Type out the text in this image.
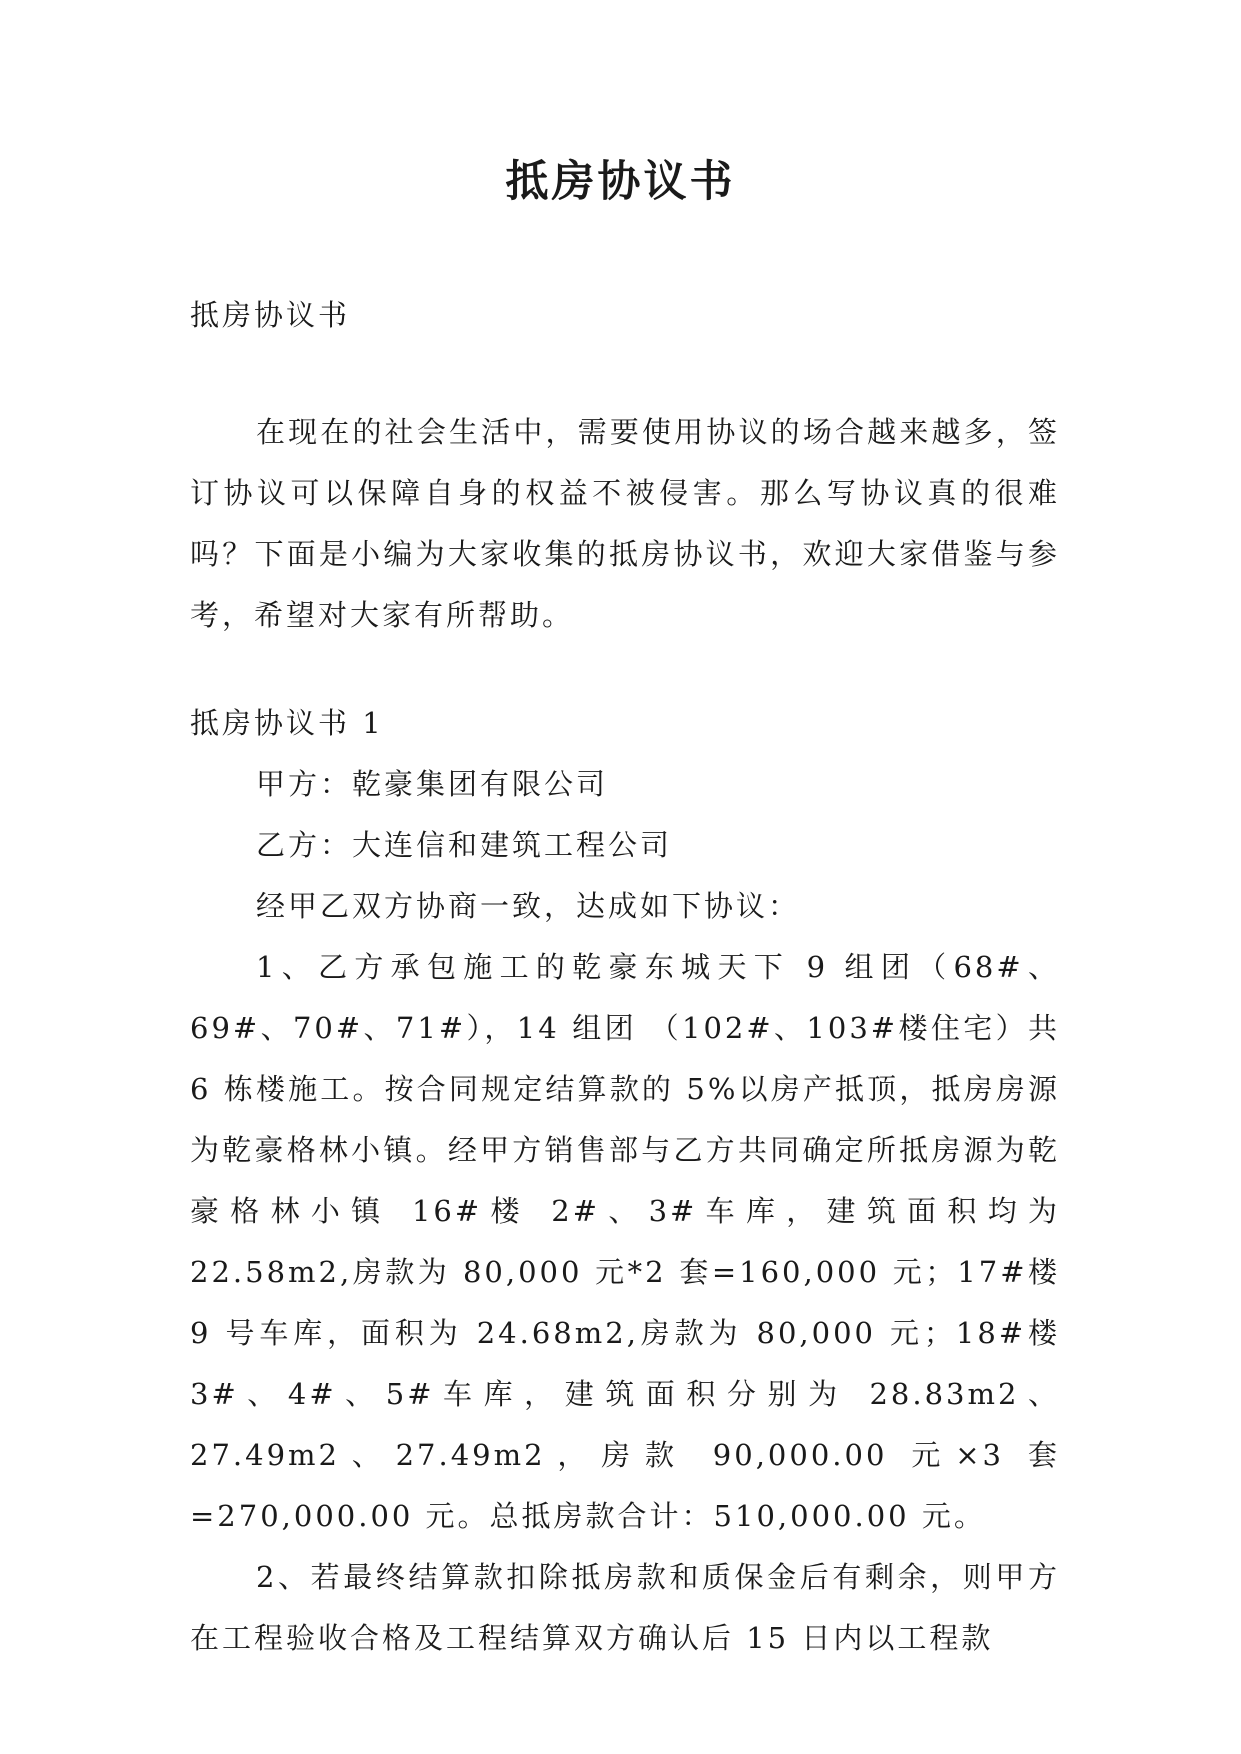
抵房协议书

抵房协议书

在现在的社会生活中，需要使用协议的场合越来越多，签订协议可以保障自身的权益不被侵害。那么写协议真的很难吗？下面是小编为大家收集的抵房协议书，欢迎大家借鉴与参考，希望对大家有所帮助。

抵房协议书 1

甲方：乾豪集团有限公司

乙方：大连信和建筑工程公司

经甲乙双方协商一致，达成如下协议：

1、乙方承包施工的乾豪东城天下 9 组团（68#、69#、70#、71#），14 组团 （102#、103#楼住宅）共 6 栋楼施工。按合同规定结算款的 5%以房产抵顶，抵房房源为乾豪格林小镇。经甲方销售部与乙方共同确定所抵房源为乾豪格林小镇 16#楼 2#、3#车库，建筑面积均为 22.58m2,房款为 80,000 元*2 套=160,000 元；17#楼 9 号车库，面积为 24.68m2,房款为 80,000 元；18#楼 3#、4#、5#车库，建筑面积分别为 28.83m2、27.49m2、27.49m2，房款 90,000.00 元×3 套=270,000.00 元。总抵房款合计：510,000.00 元。

2、若最终结算款扣除抵房款和质保金后有剩余，则甲方在工程验收合格及工程结算双方确认后 15 日内以工程款
